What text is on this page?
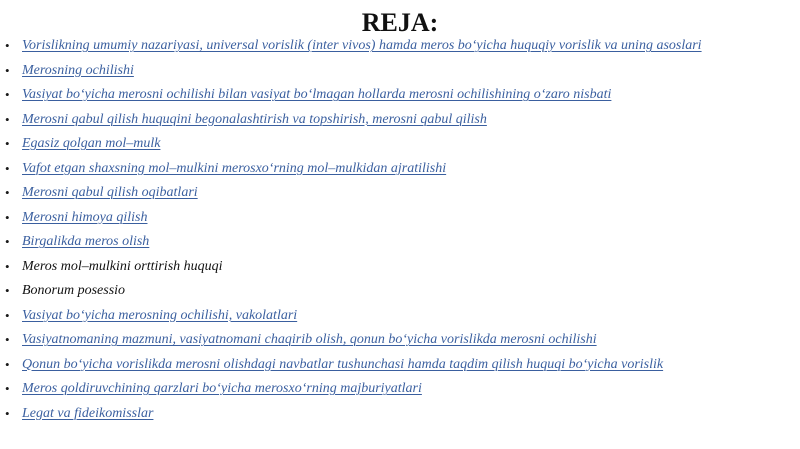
REJA:
• Vorislikning umumiy nazariyasi, universal vorislik (inter vivos) hamda meros bo‘yicha huquqiy vorislik va uning asoslari
• Merosning ochilishi
• Vasiyat bo‘yicha merosni ochilishi bilan vasiyat bo‘lmagan hollarda merosni ochilishining o‘zaro nisbati
• Merosni qabul qilish huquqini begonalashtirish va topshirish, merosni qabul qilish
• Egasiz qolgan mol–mulk
• Vafot etgan shaxsning mol–mulkini merosxo‘rning mol–mulkidan ajratilishi
• Merosni qabul qilish oqibatlari
• Merosni himoya qilish
• Birgalikda meros olish
• Meros mol–mulkini orttirish huquqi
• Bonorum posessio
• Vasiyat bo‘yicha merosning ochilishi, vakolatlari
• Vasiyatnomaning mazmuni, vasiyatnomani chaqirib olish, qonun bo‘yicha vorislikda merosni ochilishi
• Qonun bo‘yicha vorislikda merosni olishdagi navbatlar tushunchasi hamda taqdim qilish huquqi bo‘yicha vorislik
• Meros qoldiruvchining qarzlari bo‘yicha merosxo‘rning majburiyatlari
• Legat va fideikomisslar
